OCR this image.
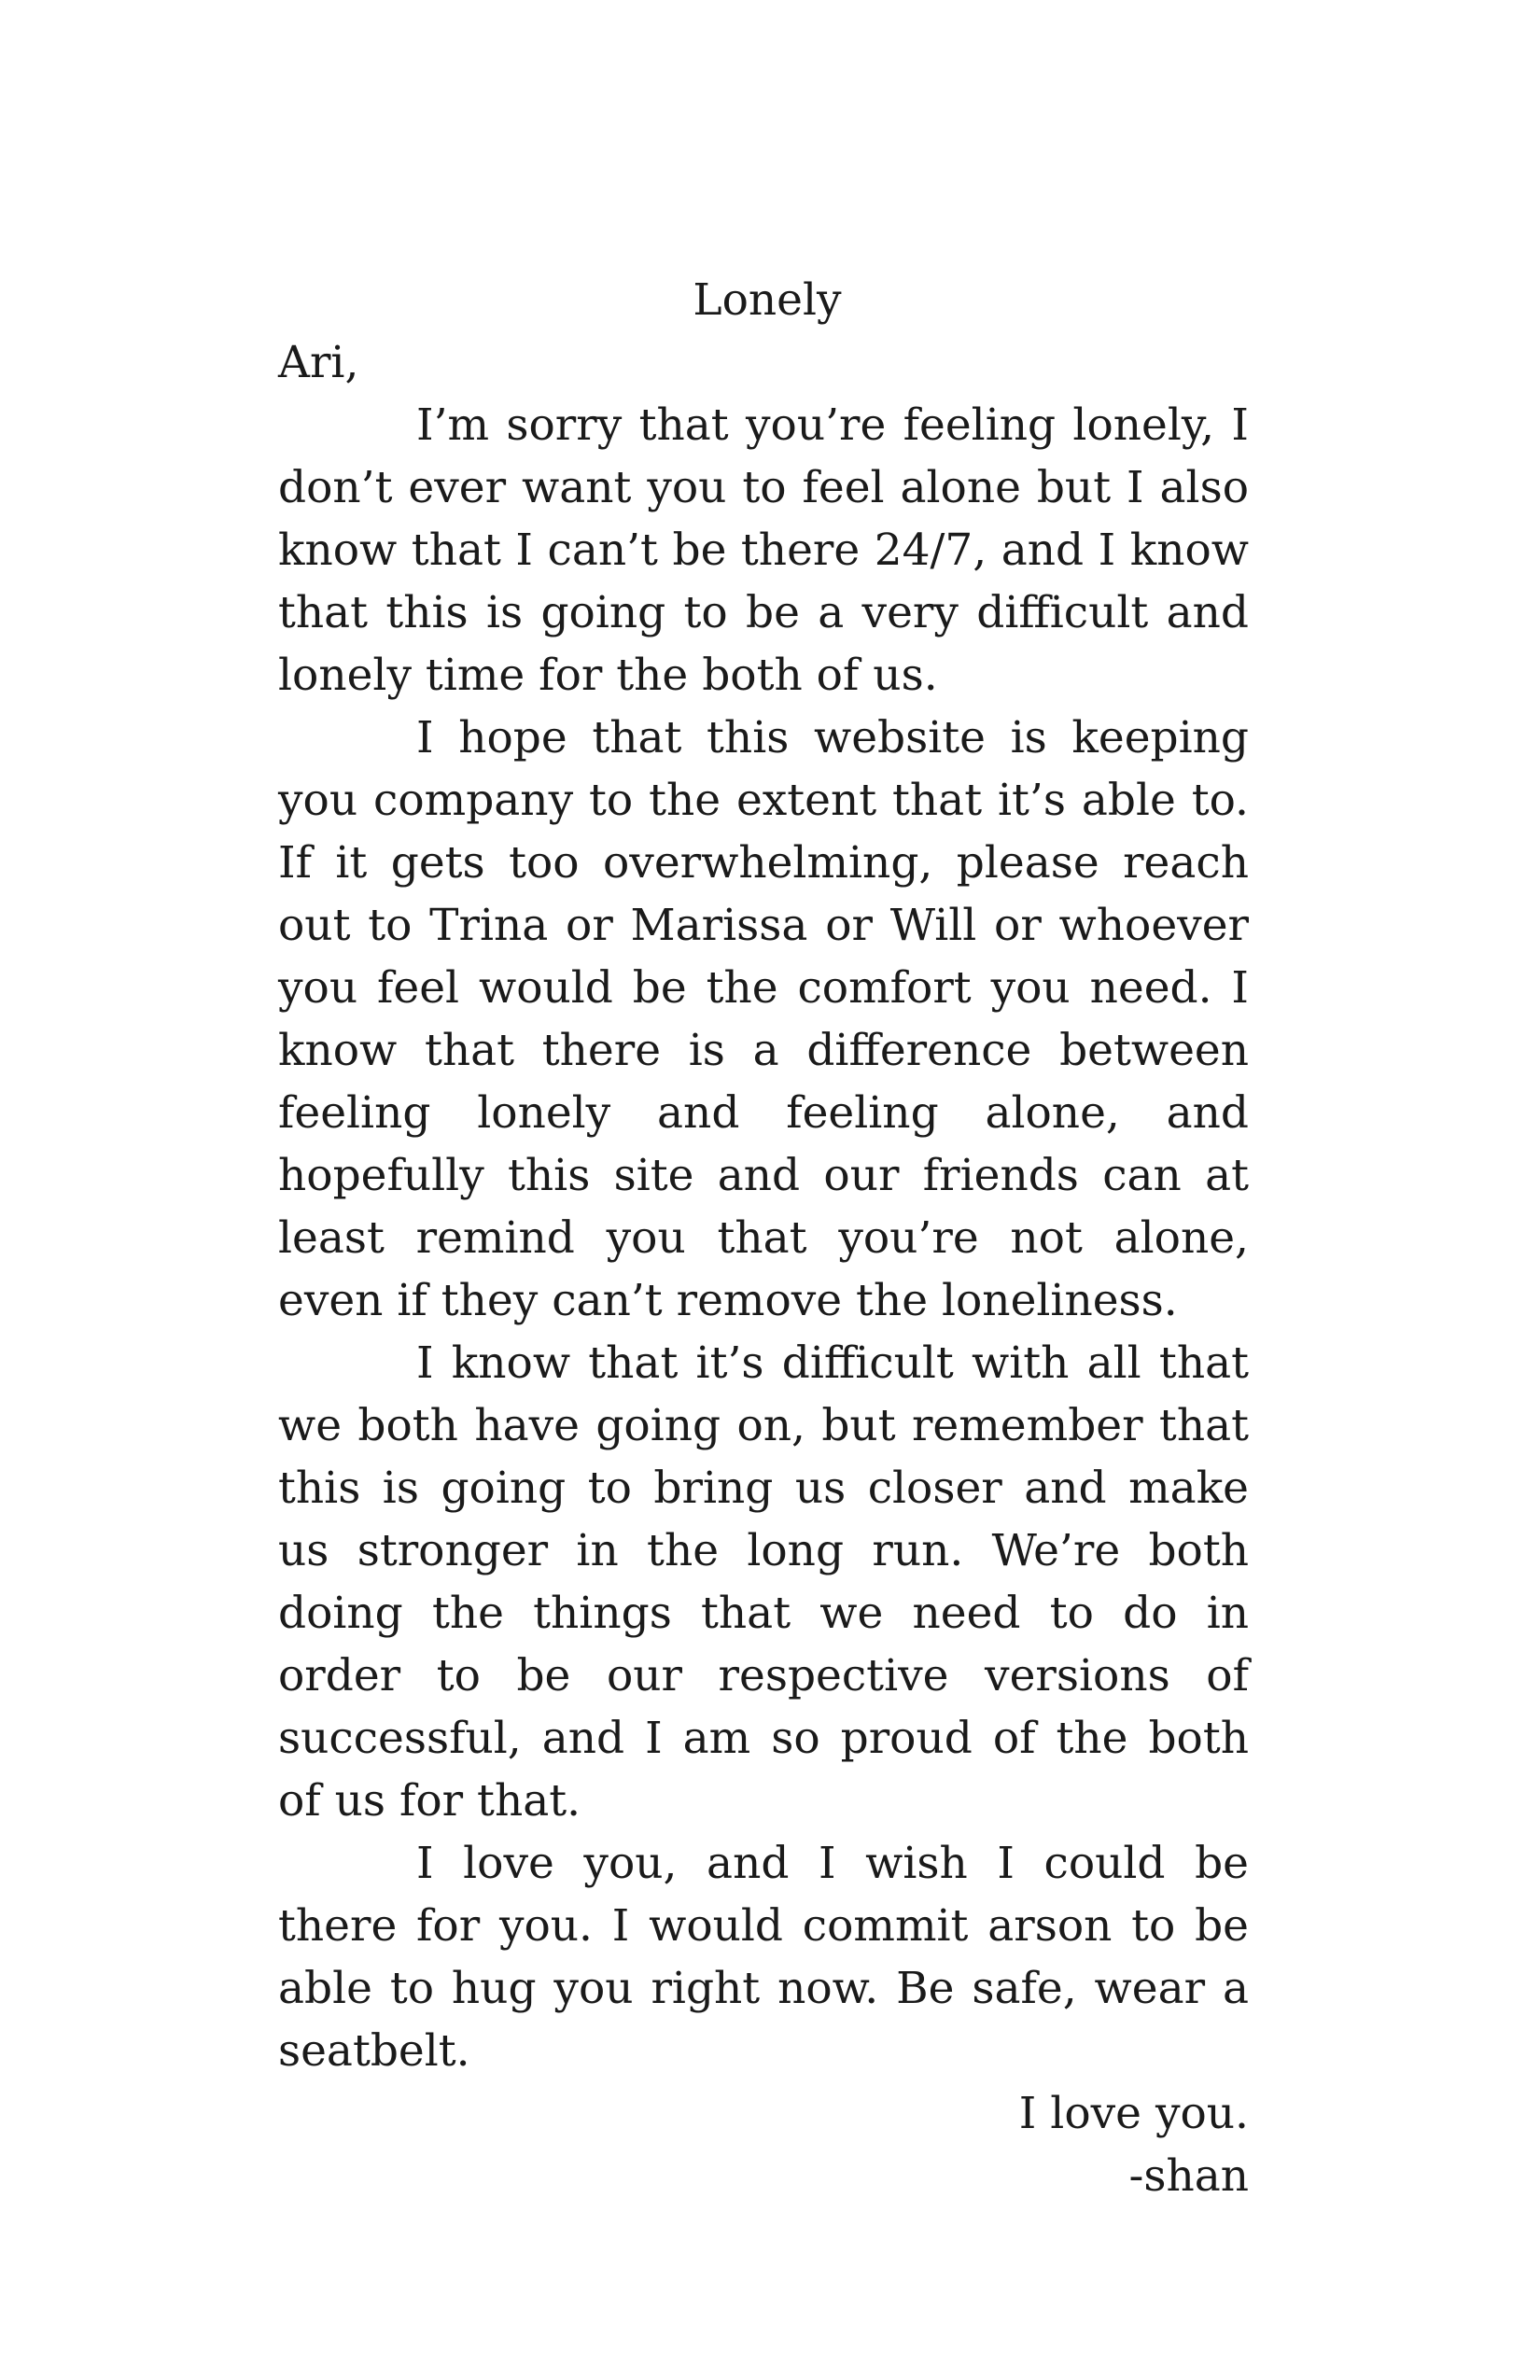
Lonely

Ari,

I’m sorry that you’re feeling lonely, I don’t ever want you to feel alone but I also know that I can’t be there 24/7, and I know that this is going to be a very difficult and lonely time for the both of us.

I hope that this website is keeping you company to the extent that it’s able to. If it gets too overwhelming, please reach out to Trina or Marissa or Will or whoever you feel would be the comfort you need. I know that there is a difference between feeling lonely and feeling alone, and hopefully this site and our friends can at least remind you that you’re not alone, even if they can’t remove the loneliness.

I know that it’s difficult with all that we both have going on, but remember that this is going to bring us closer and make us stronger in the long run. We’re both doing the things that we need to do in order to be our respective versions of successful, and I am so proud of the both of us for that.

I love you, and I wish I could be there for you. I would commit arson to be able to hug you right now. Be safe, wear a seatbelt.

I love you.

-shan
